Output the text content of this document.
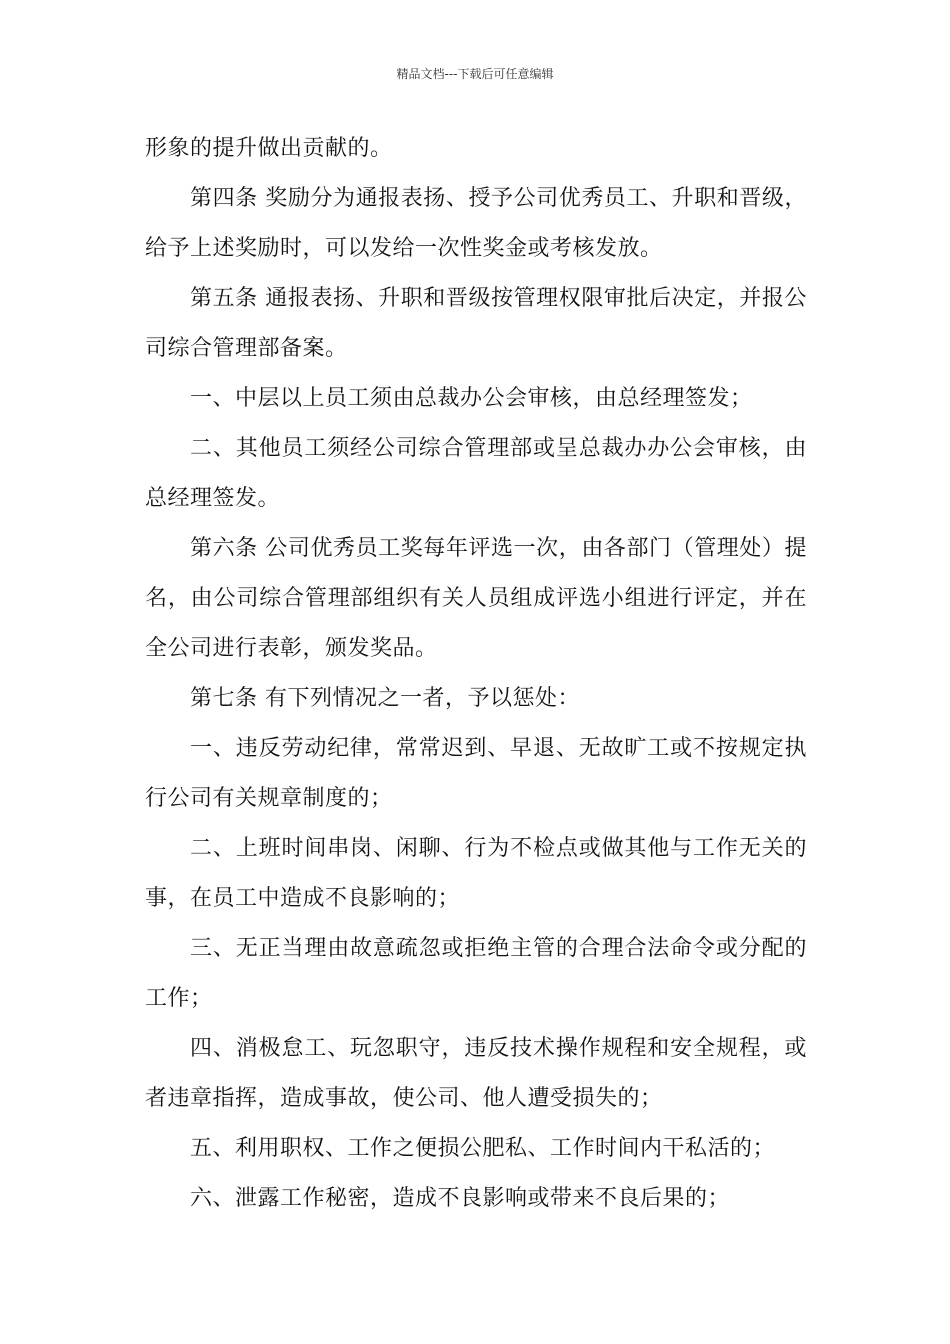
精品文档---下载后可任意编辑

形象的提升做出贡献的。

第四条 奖励分为通报表扬、授予公司优秀员工、升职和晋级，给予上述奖励时，可以发给一次性奖金或考核发放。

第五条 通报表扬、升职和晋级按管理权限审批后决定，并报公司综合管理部备案。

一、中层以上员工须由总裁办公会审核，由总经理签发；

二、其他员工须经公司综合管理部或呈总裁办办公会审核，由总经理签发。

第六条 公司优秀员工奖每年评选一次，由各部门（管理处）提名，由公司综合管理部组织有关人员组成评选小组进行评定，并在全公司进行表彰，颁发奖品。

第七条 有下列情况之一者，予以惩处：

一、违反劳动纪律，常常迟到、早退、无故旷工或不按规定执行公司有关规章制度的；

二、上班时间串岗、闲聊、行为不检点或做其他与工作无关的事，在员工中造成不良影响的；

三、无正当理由故意疏忽或拒绝主管的合理合法命令或分配的工作；

四、消极怠工、玩忽职守，违反技术操作规程和安全规程，或者违章指挥，造成事故，使公司、他人遭受损失的；

五、利用职权、工作之便损公肥私、工作时间内干私活的；

六、泄露工作秘密，造成不良影响或带来不良后果的；
